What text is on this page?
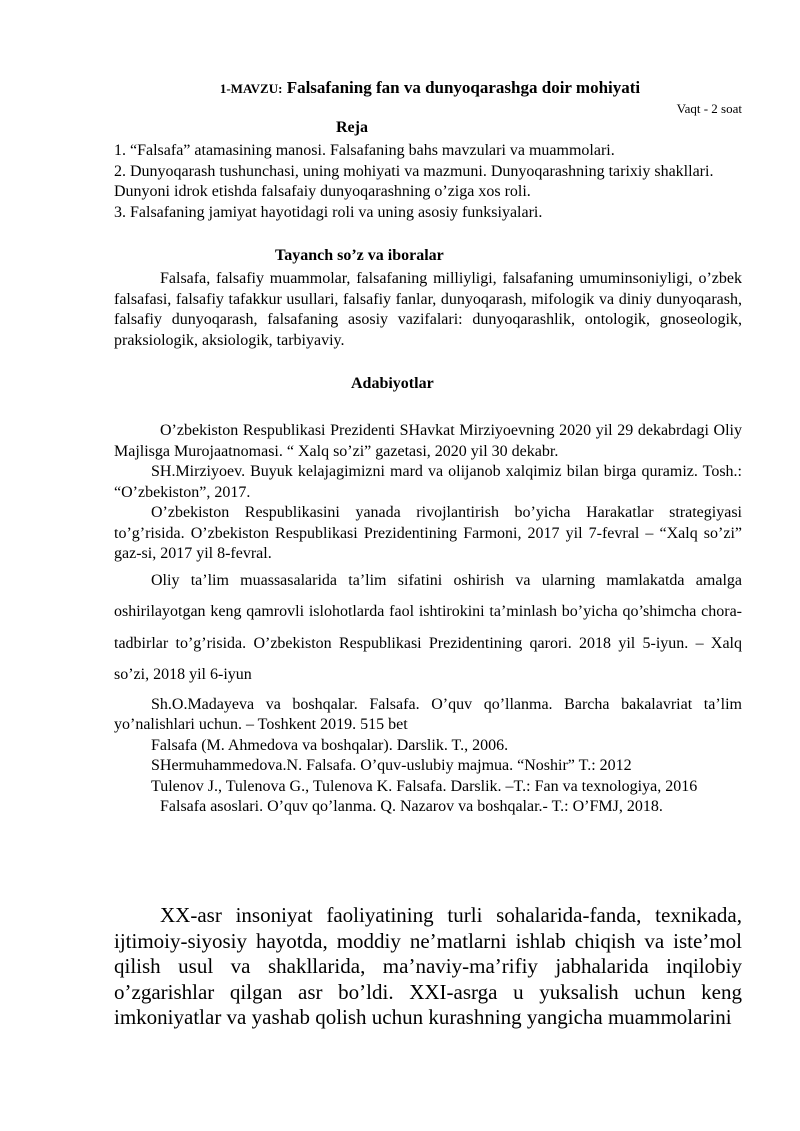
1-MAVZU: Falsafaning fan va dunyoqarashga doir mohiyati
Vaqt - 2 soat
Reja

1. “Falsafa” atamasining manosi. Falsafaning bahs mavzulari va muammolari.

2. Dunyoqarash tushunchasi, uning mohiyati va mazmuni. Dunyoqarashning tarixiy shakllari. Dunyoni idrok etishda falsafaiy dunyoqarashning o’ziga xos roli.

3. Falsafaning jamiyat hayotidagi roli va uning asosiy funksiyalari.

Tayanch so’z va iboralar

Falsafa, falsafiy muammolar, falsafaning milliyligi, falsafaning umuminsoniyligi, o’zbek falsafasi, falsafiy tafakkur usullari, falsafiy fanlar, dunyoqarash, mifologik va diniy dunyoqarash, falsafiy dunyoqarash, falsafaning asosiy vazifalari: dunyoqarashlik, ontologik, gnoseologik, praksiologik, aksiologik, tarbiyaviy.

Adabiyotlar

O’zbekiston Respublikasi Prezidenti SHavkat Mirziyoevning 2020 yil 29 dekabrdagi Oliy Majlisga Murojaatnomasi. “ Xalq so’zi” gazetasi, 2020 yil 30 dekabr.

SH.Mirziyoev. Buyuk kelajagimizni mard va olijanob xalqimiz bilan birga quramiz. Tosh.: “O’zbekiston”, 2017.

O’zbekiston Respublikasini yanada rivojlantirish bo’yicha Harakatlar strategiyasi to’g’risida. O’zbekiston Respublikasi Prezidentining Farmoni, 2017 yil 7-fevral – “Xalq so’zi” gaz-si, 2017 yil 8-fevral.

Oliy ta’lim muassasalarida ta’lim sifatini oshirish va ularning mamlakatda amalga oshirilayotgan keng qamrovli islohotlarda faol ishtirokini ta’minlash bo’yicha qo’shimcha chora-tadbirlar to’g’risida. O’zbekiston Respublikasi Prezidentining qarori. 2018 yil 5-iyun. – Xalq so’zi, 2018 yil 6-iyun

Sh.O.Madayeva va boshqalar. Falsafa. O’quv qo’llanma. Barcha bakalavriat ta’lim yo’nalishlari uchun. – Toshkent 2019. 515 bet

Falsafa (M. Ahmedova va boshqalar). Darslik. T., 2006.

SHermuhammedova.N. Falsafa. O’quv-uslubiy majmua. “Noshir” T.: 2012

Tulenov J., Tulenova G., Tulenova K. Falsafa. Darslik. –T.: Fan va texnologiya, 2016

Falsafa asoslari. O’quv qo’lanma. Q. Nazarov va boshqalar.- T.: O’FMJ, 2018.

XX-asr insoniyat faoliyatining turli sohalarida-fanda, texnikada, ijtimoiy-siyosiy hayotda, moddiy ne’matlarni ishlab chiqish va iste’mol qilish usul va shakllarida, ma’naviy-ma’rifiy jabhalarida inqilobiy o’zgarishlar qilgan asr bo’ldi. XXI-asrga u yuksalish uchun keng imkoniyatlar va yashab qolish uchun kurashning yangicha muammolarini
